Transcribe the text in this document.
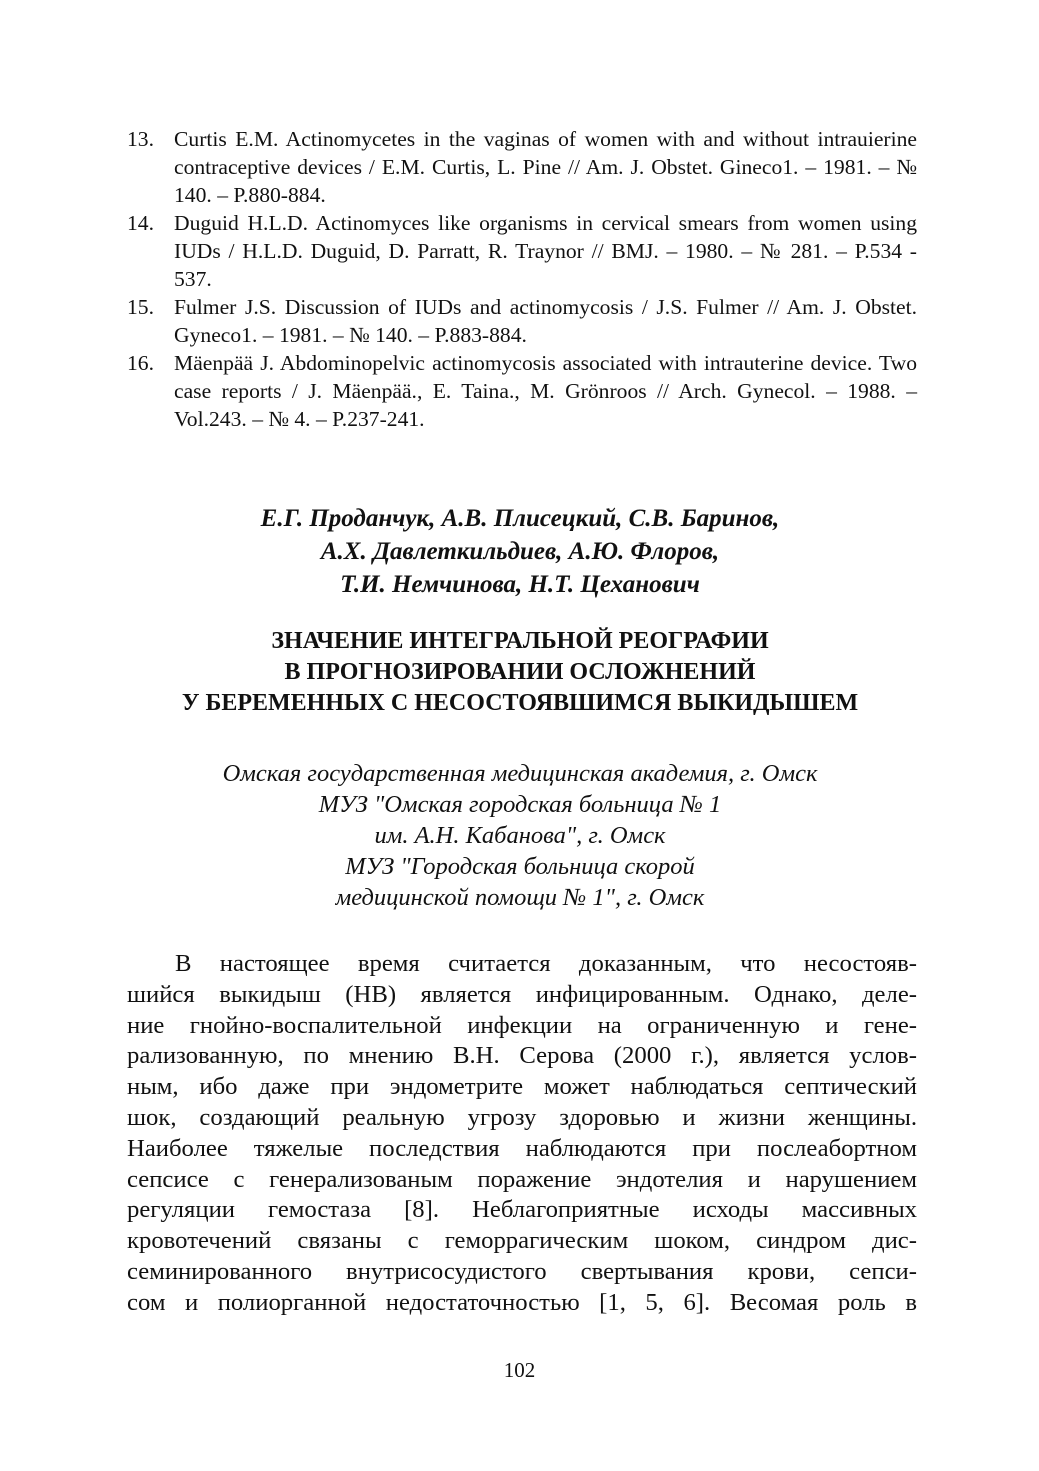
13. Curtis E.M. Actinomycetes in the vaginas of women with and without intrauierine contraceptive devices / E.M. Curtis, L. Pine // Am. J. Obstet. Gineco1. – 1981. – № 140. – P.880-884.
14. Duguid H.L.D. Actinomyces like organisms in cervical smears from women using IUDs / H.L.D. Duguid, D. Parratt, R. Traynor // BMJ. – 1980. – № 281. – P.534 - 537.
15. Fulmer J.S. Discussion of IUDs and actinomycosis / J.S. Fulmer // Am. J. Obstet. Gyneco1. – 1981. – № 140. – P.883-884.
16. Mäenpää J. Abdominopelvic actinomycosis associated with intrauterine device. Two case reports / J. Mäenpää., E. Taina., M. Grönroos // Arch. Gynecol. – 1988. – Vol.243. – № 4. – P.237-241.
Е.Г. Проданчук, А.В. Плисецкий, С.В. Баринов,
А.Х. Давлеткильдиев, А.Ю. Флоров,
Т.И. Немчинова, Н.Т. Цеханович
ЗНАЧЕНИЕ ИНТЕГРАЛЬНОЙ РЕОГРАФИИ
В ПРОГНОЗИРОВАНИИ ОСЛОЖНЕНИЙ
У БЕРЕМЕННЫХ С НЕСОСТОЯВШИМСЯ ВЫКИДЫШЕМ
Омская государственная медицинская академия, г. Омск
МУЗ "Омская городская больница № 1
им. А.Н. Кабанова", г. Омск
МУЗ "Городская больница скорой
медицинской помощи № 1", г. Омск
В настоящее время считается доказанным, что несостояв-
шийся выкидыш (НВ) является инфицированным. Однако, деле-
ние гнойно-воспалительной инфекции на ограниченную и гене-
рализованную, по мнению В.Н. Серова (2000 г.), является услов-
ным, ибо даже при эндометрите может наблюдаться септический
шок, создающий реальную угрозу здоровью и жизни женщины.
Наиболее тяжелые последствия наблюдаются при послеабортном
сепсисе с генерализованым поражение эндотелия и нарушением
регуляции гемостаза [8]. Неблагоприятные исходы массивных
кровотечений связаны с геморрагическим шоком, синдром дис-
семинированного внутрисосудистого свертывания крови, сепси-
сом и полиорганной недостаточностью [1, 5, 6]. Весомая роль в
102
